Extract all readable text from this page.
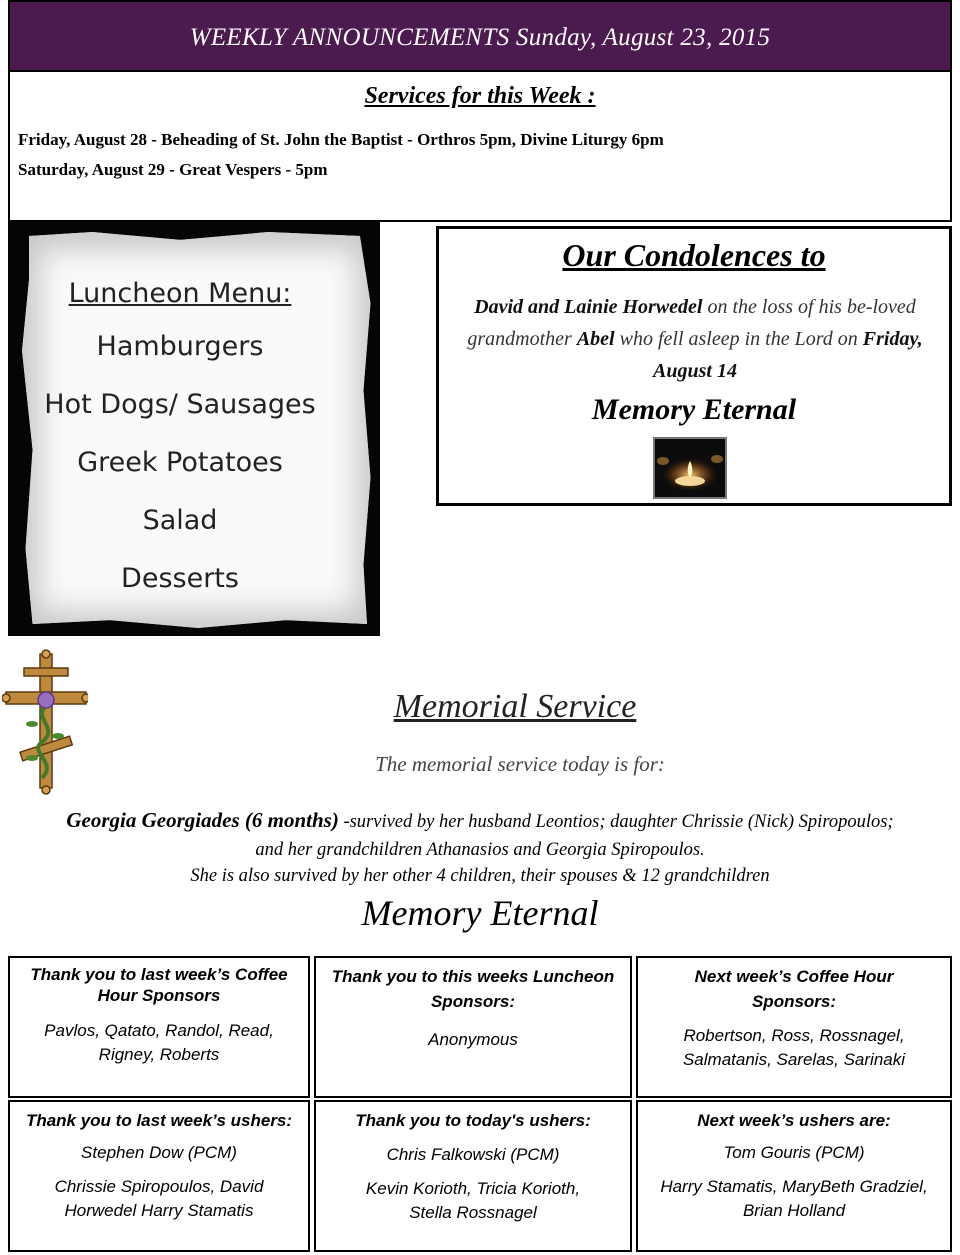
WEEKLY ANNOUNCEMENTS Sunday, August 23, 2015
Services for this Week :
Friday, August 28 - Beheading of St. John the Baptist - Orthros 5pm, Divine Liturgy 6pm
Saturday, August 29 - Great Vespers - 5pm
Luncheon Menu:
Hamburgers
Hot Dogs/ Sausages
Greek Potatoes
Salad
Desserts
Our Condolences to
David and Lainie Horwedel on the loss of his be-loved grandmother Abel who fell asleep in the Lord on Friday, August 14
Memory Eternal
Memorial Service
The memorial service today is for:
Georgia Georgiades (6 months) -survived by her husband Leontios; daughter Chrissie (Nick) Spiropoulos;
and her grandchildren Athanasios and Georgia Spiropoulos.
She is also survived by her other 4 children, their spouses & 12 grandchildren
Memory Eternal
Thank you to last week’s Coffee Hour Sponsors
Pavlos, Qatato, Randol, Read, Rigney, Roberts
Thank you to this weeks Luncheon Sponsors:
Anonymous
Next week’s Coffee Hour Sponsors:
Robertson, Ross, Rossnagel, Salmatanis, Sarelas, Sarinaki
Thank you to last week’s ushers:
Stephen Dow (PCM)
Chrissie Spiropoulos, David Horwedel Harry Stamatis
Thank you to today's ushers:
Chris Falkowski (PCM)
Kevin Korioth, Tricia Korioth, Stella Rossnagel
Next week’s ushers are:
Tom Gouris (PCM)
Harry Stamatis, MaryBeth Gradziel, Brian Holland
